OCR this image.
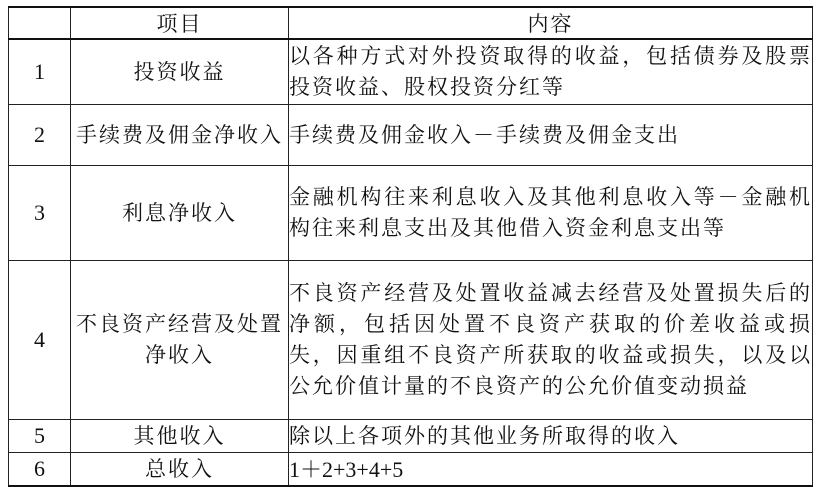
	项目	内容
1	投资收益	以各种方式对外投资取得的收益，包括债券及股票投资收益、股权投资分红等
2	手续费及佣金净收入	手续费及佣金收入－手续费及佣金支出
3	利息净收入	金融机构往来利息收入及其他利息收入等－金融机构往来利息支出及其他借入资金利息支出等
4	不良资产经营及处置净收入	不良资产经营及处置收益减去经营及处置损失后的净额，包括因处置不良资产获取的价差收益或损失，因重组不良资产所获取的收益或损失，以及以公允价值计量的不良资产的公允价值变动损益
5	其他收入	除以上各项外的其他业务所取得的收入
6	总收入	1＋2+3+4+5
